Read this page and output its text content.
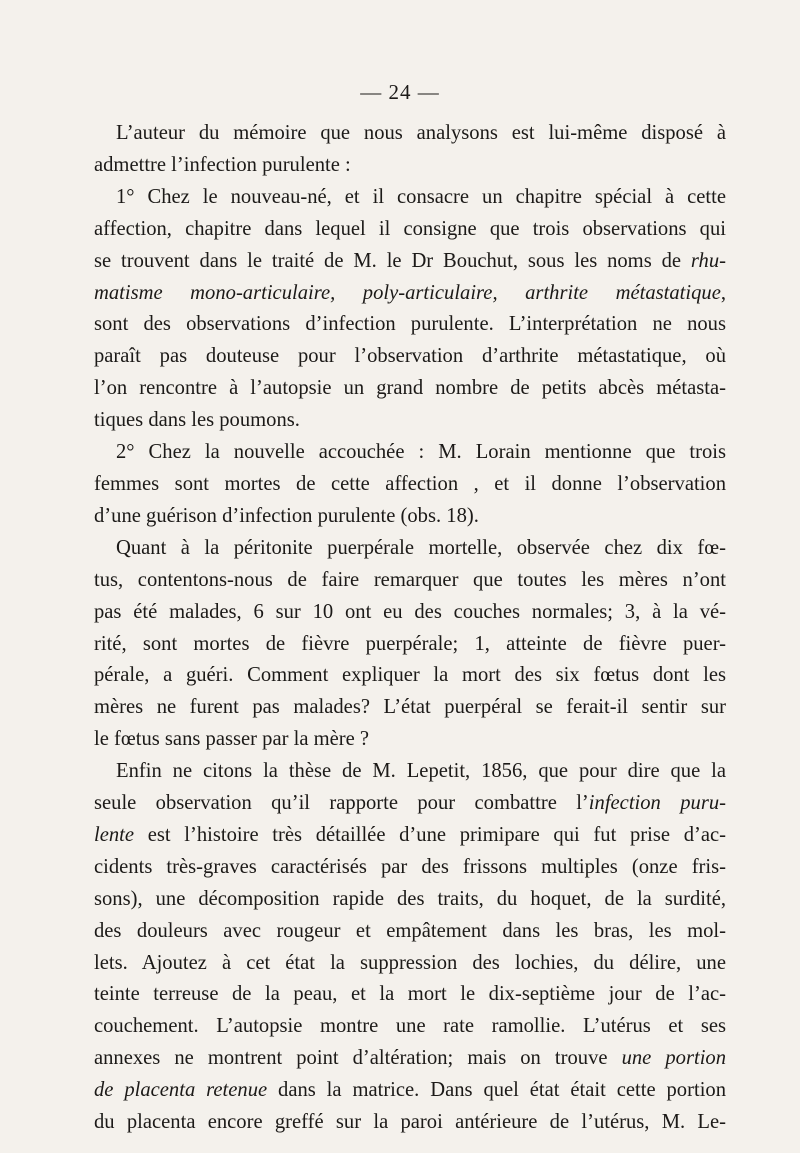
— 24 —
L’auteur du mémoire que nous analysons est lui-même disposé à
admettre l’infection purulente :
1° Chez le nouveau-né, et il consacre un chapitre spécial à cette
affection, chapitre dans lequel il consigne que trois observations qui
se trouvent dans le traité de M. le Dr Bouchut, sous les noms de rhu-
matisme mono-articulaire, poly-articulaire, arthrite métastatique,
sont des observations d’infection purulente. L’interprétation ne nous
paraît pas douteuse pour l’observation d’arthrite métastatique, où
l’on rencontre à l’autopsie un grand nombre de petits abcès métasta-
tiques dans les poumons.
2° Chez la nouvelle accouchée : M. Lorain mentionne que trois
femmes sont mortes de cette affection , et il donne l’observation
d’une guérison d’infection purulente (obs. 18).
Quant à la péritonite puerpérale mortelle, observée chez dix fœ-
tus, contentons-nous de faire remarquer que toutes les mères n’ont
pas été malades, 6 sur 10 ont eu des couches normales; 3, à la vé-
rité, sont mortes de fièvre puerpérale; 1, atteinte de fièvre puer-
pérale, a guéri. Comment expliquer la mort des six fœtus dont les
mères ne furent pas malades? L’état puerpéral se ferait-il sentir sur
le fœtus sans passer par la mère ?
Enfin ne citons la thèse de M. Lepetit, 1856, que pour dire que la
seule observation qu’il rapporte pour combattre l’infection puru-
lente est l’histoire très détaillée d’une primipare qui fut prise d’ac-
cidents très-graves caractérisés par des frissons multiples (onze fris-
sons), une décomposition rapide des traits, du hoquet, de la surdité,
des douleurs avec rougeur et empâtement dans les bras, les mol-
lets. Ajoutez à cet état la suppression des lochies, du délire, une
teinte terreuse de la peau, et la mort le dix-septième jour de l’ac-
couchement. L’autopsie montre une rate ramollie. L’utérus et ses
annexes ne montrent point d’altération; mais on trouve une portion
de placenta retenue dans la matrice. Dans quel état était cette portion
du placenta encore greffé sur la paroi antérieure de l’utérus, M. Le-
